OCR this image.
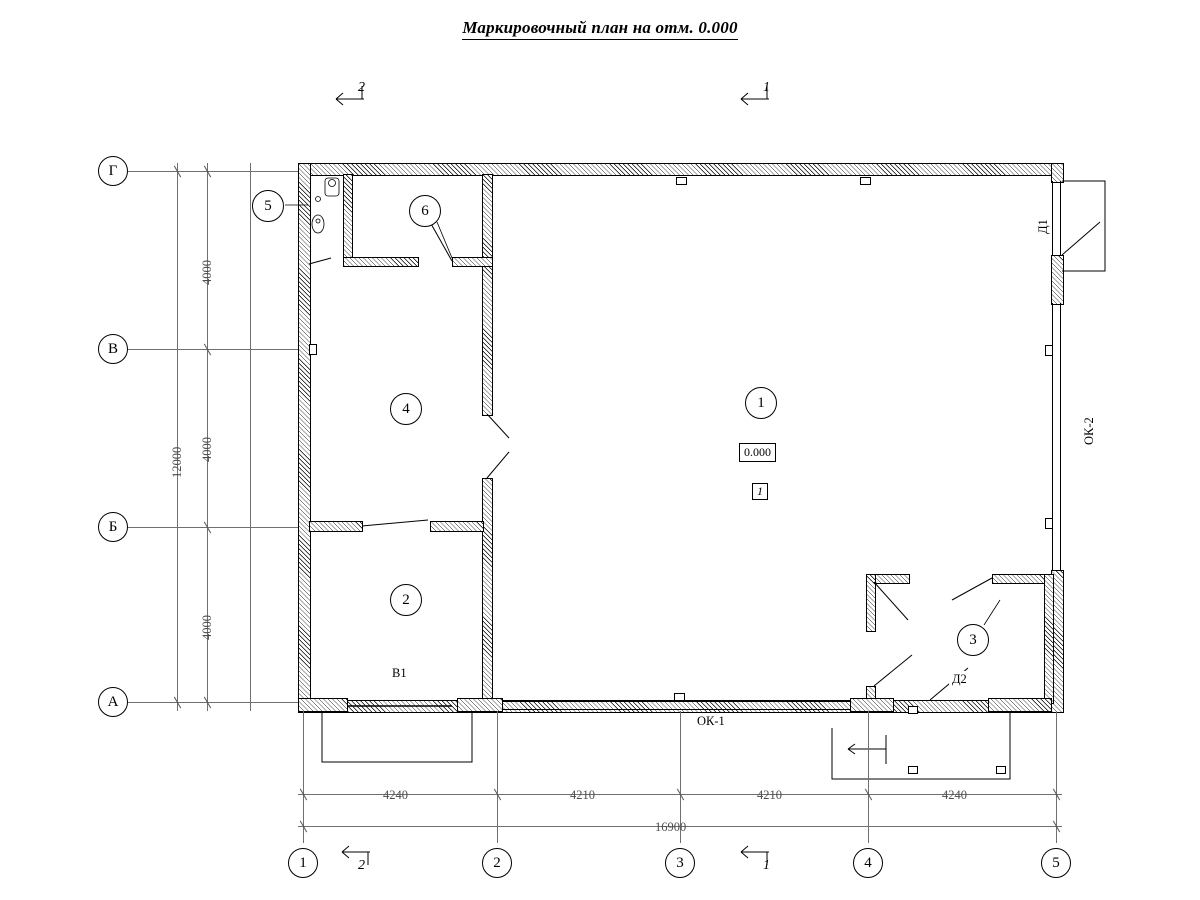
Маркировочный план на отм. 0.000
2	1
2	1
4000
4000
4000
12000
Г
В
Б
А
1
2
3
4
5	6
0.000
1
ОК-1
ОК-2
Д1
Д2
В1
4240	4210	4210	4240
16900
1	2	3	4	5
